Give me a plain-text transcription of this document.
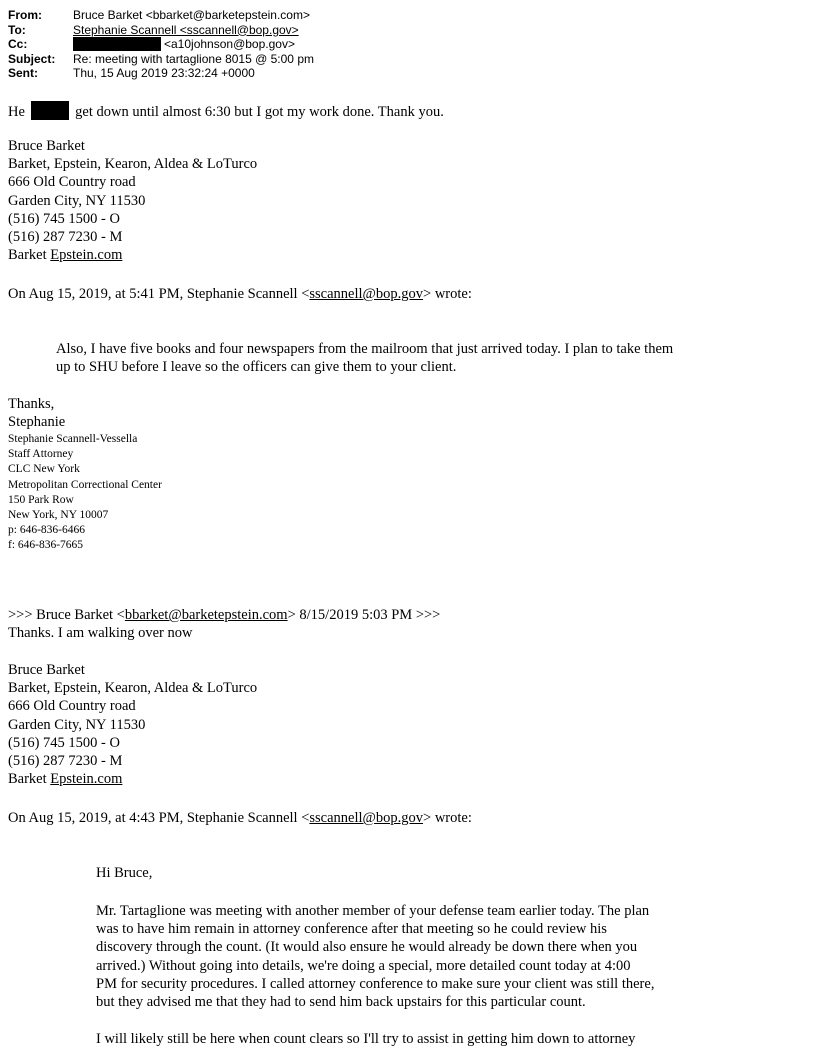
From:	Bruce Barket <bbarket@barketepstein.com>
To:	Stephanie Scannell <sscannell@bop.gov>
Cc:	<a10johnson@bop.gov>
Subject:	Re: meeting with tartaglione 8015 @ 5:00 pm
Sent:	Thu, 15 Aug 2019 23:32:24 +0000
He	get down until almost 6:30 but I got my work done. Thank you.
Bruce Barket
Barket, Epstein, Kearon, Aldea & LoTurco
666 Old Country road
Garden City, NY 11530
(516) 745 1500 - O
(516) 287 7230 - M
Barket Epstein.com
On Aug 15, 2019, at 5:41 PM, Stephanie Scannell <sscannell@bop.gov> wrote:
Also, I have five books and four newspapers from the mailroom that just arrived today. I plan to take them
up to SHU before I leave so the officers can give them to your client.
Thanks,
Stephanie
Stephanie Scannell-Vessella
Staff Attorney
CLC New York
Metropolitan Correctional Center
150 Park Row
New York, NY 10007
p: 646-836-6466
f: 646-836-7665
>>> Bruce Barket <bbarket@barketepstein.com> 8/15/2019 5:03 PM >>>
Thanks. I am walking over now
Bruce Barket
Barket, Epstein, Kearon, Aldea & LoTurco
666 Old Country road
Garden City, NY 11530
(516) 745 1500 - O
(516) 287 7230 - M
Barket Epstein.com
On Aug 15, 2019, at 4:43 PM, Stephanie Scannell <sscannell@bop.gov> wrote:
Hi Bruce,
Mr. Tartaglione was meeting with another member of your defense team earlier today. The plan
was to have him remain in attorney conference after that meeting so he could review his
discovery through the count. (It would also ensure he would already be down there when you
arrived.) Without going into details, we're doing a special, more detailed count today at 4:00
PM for security procedures. I called attorney conference to make sure your client was still there,
but they advised me that they had to send him back upstairs for this particular count.
I will likely still be here when count clears so I'll try to assist in getting him down to attorney
